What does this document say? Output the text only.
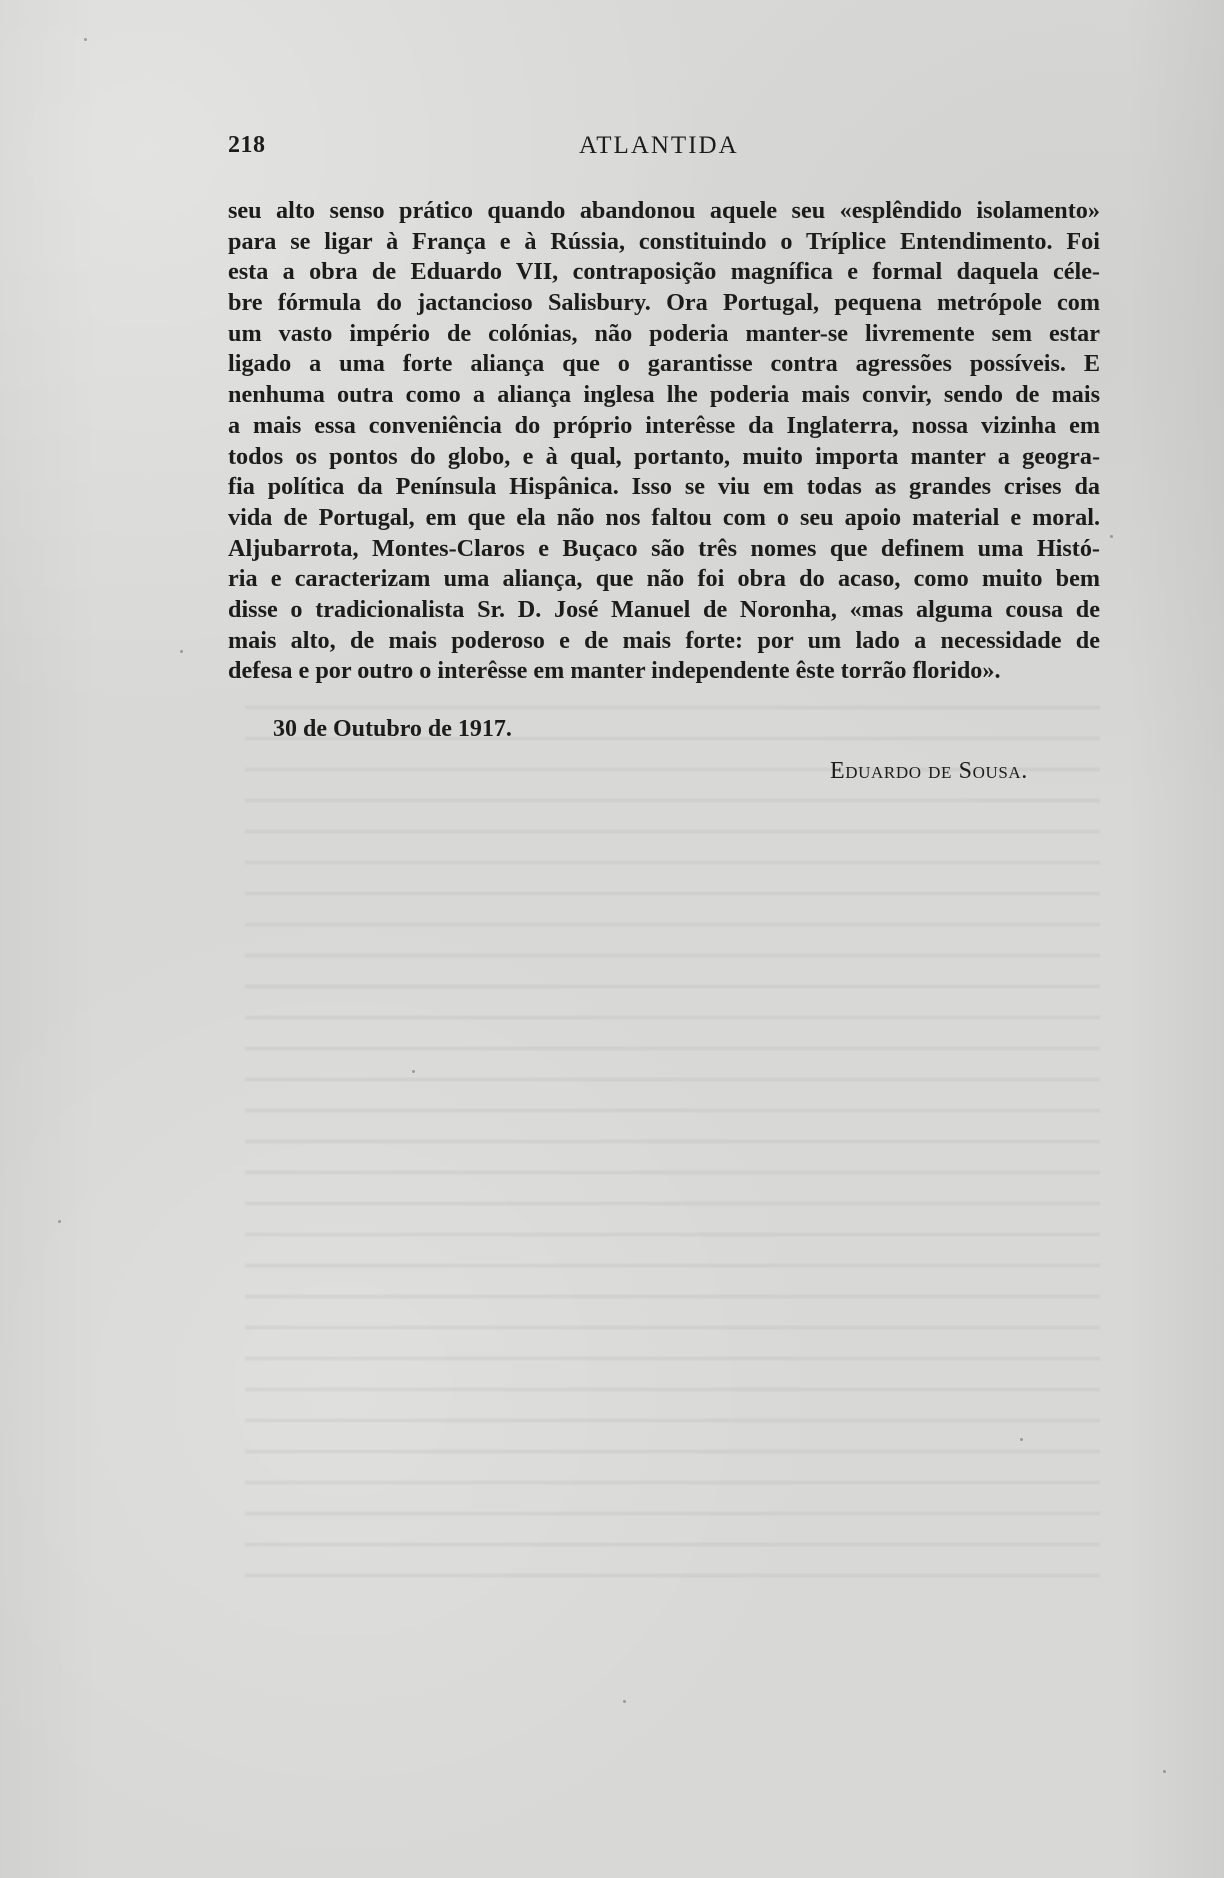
218	ATLANTIDA
seu alto senso prático quando abandonou aquele seu «esplêndido isolamento»
para se ligar à França e à Rússia, constituindo o Tríplice Entendimento. Foi
esta a obra de Eduardo VII, contraposição magnífica e formal daquela céle-
bre fórmula do jactancioso Salisbury. Ora Portugal, pequena metrópole com
um vasto império de colónias, não poderia manter-se livremente sem estar
ligado a uma forte aliança que o garantisse contra agressões possíveis. E
nenhuma outra como a aliança inglesa lhe poderia mais convir, sendo de mais
a mais essa conveniência do próprio interêsse da Inglaterra, nossa vizinha em
todos os pontos do globo, e à qual, portanto, muito importa manter a geogra-
fia política da Península Hispânica. Isso se viu em todas as grandes crises da
vida de Portugal, em que ela não nos faltou com o seu apoio material e moral.
Aljubarrota, Montes-Claros e Buçaco são três nomes que definem uma Histó-
ria e caracterizam uma aliança, que não foi obra do acaso, como muito bem
disse o tradicionalista Sr. D. José Manuel de Noronha, «mas alguma cousa de
mais alto, de mais poderoso e de mais forte: por um lado a necessidade de
defesa e por outro o interêsse em manter independente êste torrão florido».
30 de Outubro de 1917.
Eduardo de Sousa.
